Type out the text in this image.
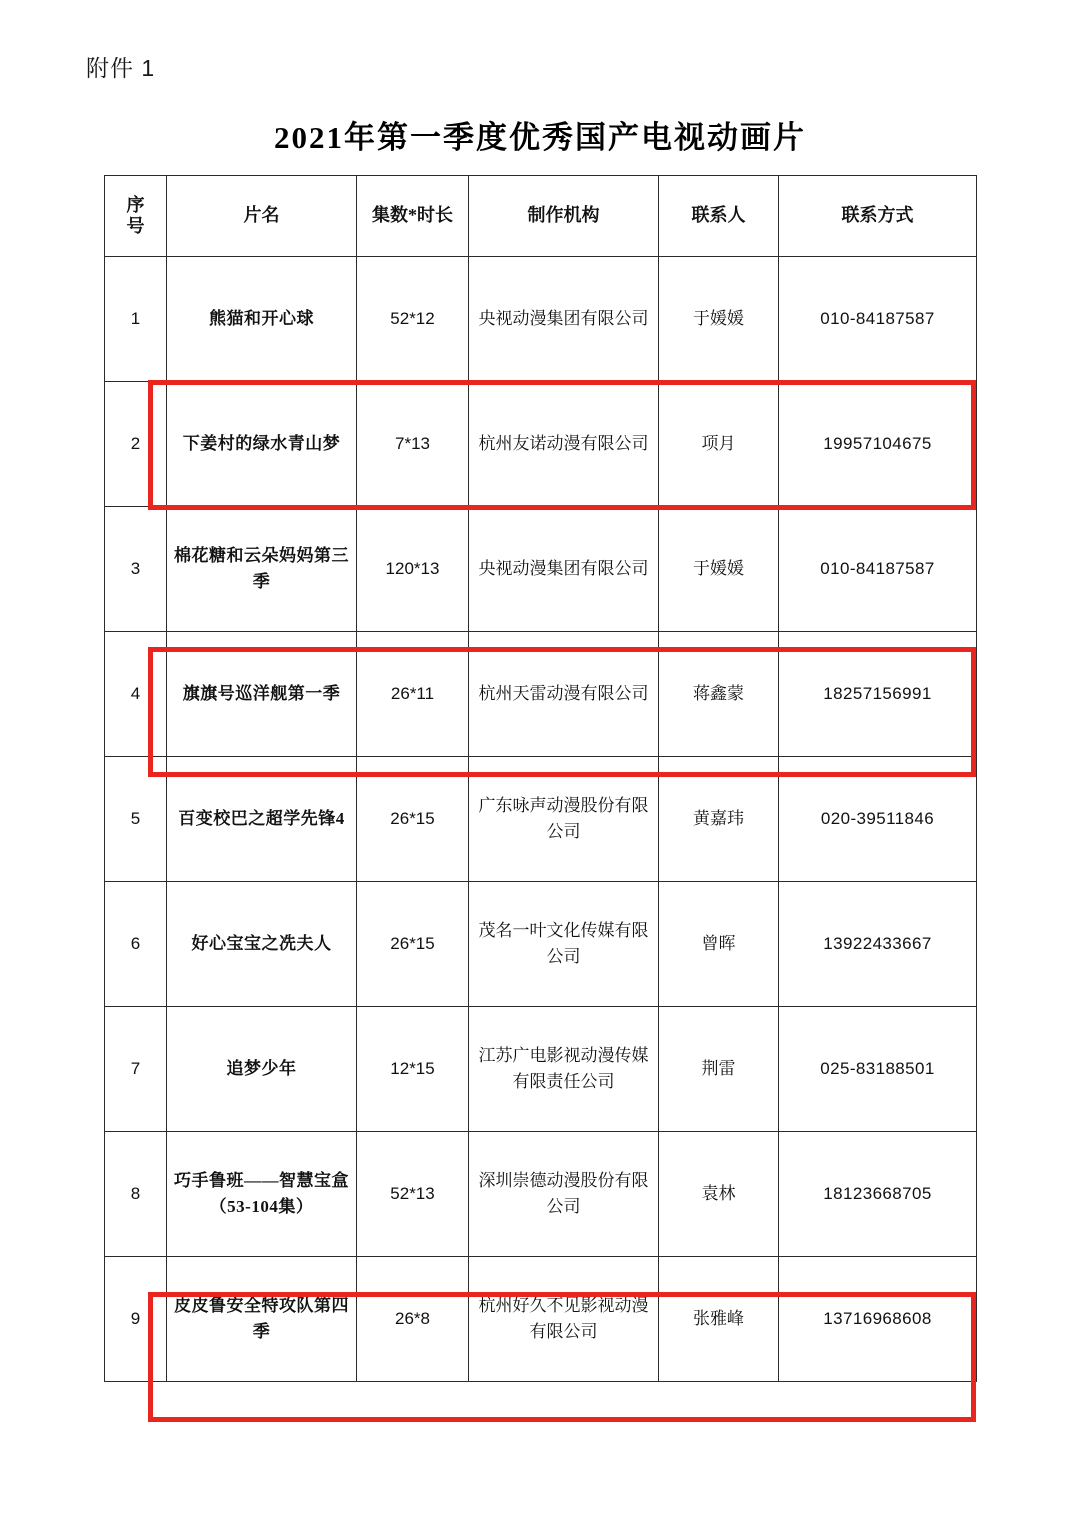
附件 1
2021年第一季度优秀国产电视动画片
序
号	片名	集数*时长	制作机构	联系人	联系方式
1	熊猫和开心球	52*12	央视动漫集团有限公司	于媛媛	010-84187587
2	下姜村的绿水青山梦	7*13	杭州友诺动漫有限公司	项月	19957104675
3	棉花糖和云朵妈妈第三季	120*13	央视动漫集团有限公司	于媛媛	010-84187587
4	旗旗号巡洋舰第一季	26*11	杭州天雷动漫有限公司	蒋鑫蒙	18257156991
5	百变校巴之超学先锋4	26*15	广东咏声动漫股份有限公司	黄嘉玮	020-39511846
6	好心宝宝之冼夫人	26*15	茂名一叶文化传媒有限公司	曾晖	13922433667
7	追梦少年	12*15	江苏广电影视动漫传媒有限责任公司	荆雷	025-83188501
8	巧手鲁班——智慧宝盒（53-104集）	52*13	深圳崇德动漫股份有限公司	袁林	18123668705
9	皮皮鲁安全特攻队第四季	26*8	杭州好久不见影视动漫有限公司	张雅峰	13716968608
